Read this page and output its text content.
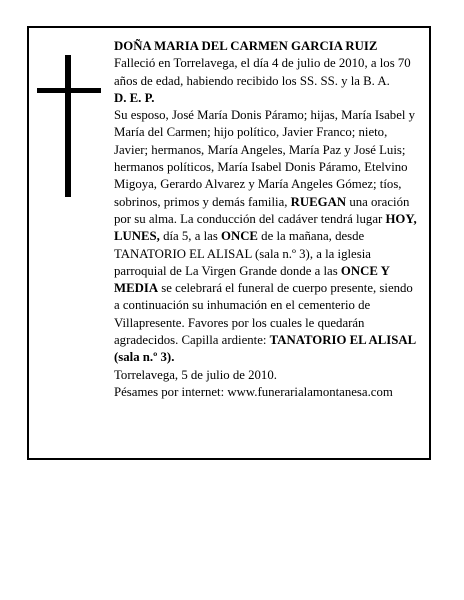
DOÑA MARIA DEL CARMEN GARCIA RUIZ

Falleció en Torrelavega, el día 4 de julio de 2010, a los 70 años de edad, habiendo recibido los SS. SS. y la B. A.

D. E. P.

Su esposo, José María Donis Páramo; hijas, María Isabel y María del Carmen; hijo político, Javier Franco; nieto, Javier; hermanos, María Angeles, María Paz y José Luis; hermanos políticos, María Isabel Donis Páramo, Etelvino Migoya, Gerardo Alvarez y María Angeles Gómez; tíos, sobrinos, primos y demás familia, RUEGAN una oración por su alma. La conducción del cadáver tendrá lugar HOY, LUNES, día 5, a las ONCE de la mañana, desde TANATORIO EL ALISAL (sala n.º 3), a la iglesia parroquial de La Virgen Grande donde a las ONCE Y MEDIA se celebrará el funeral de cuerpo presente, siendo a continuación su inhumación en el cementerio de Villapresente. Favores por los cuales le quedarán agradecidos. Capilla ardiente: TANATORIO EL ALISAL (sala n.º 3).

Torrelavega, 5 de julio de 2010.

Pésames por internet: www.funerarialamontanesa.com
